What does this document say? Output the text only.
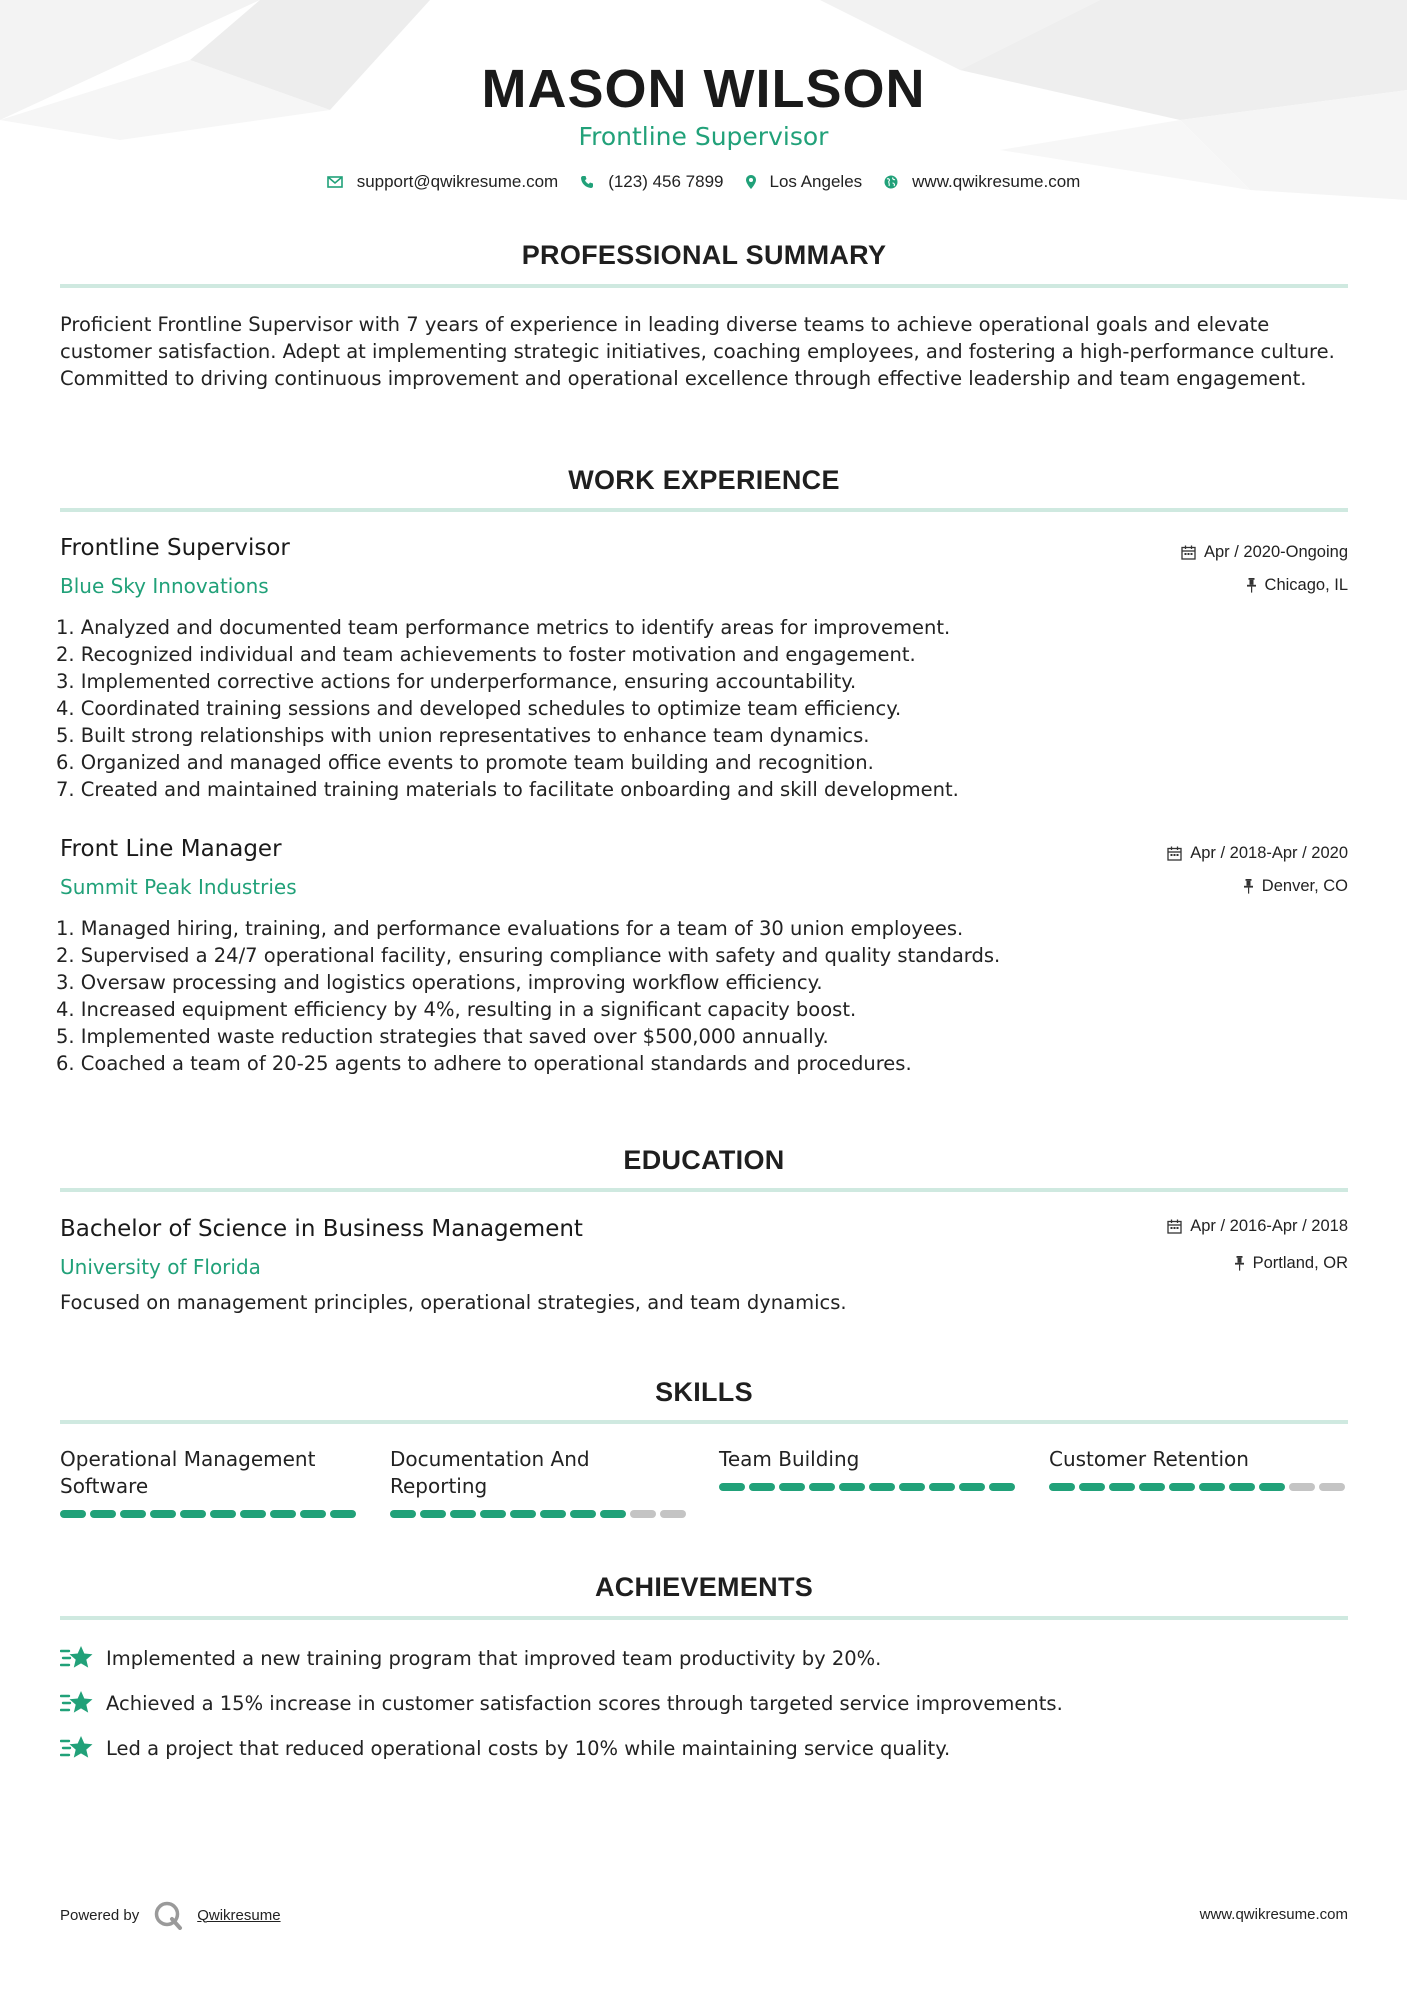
MASON WILSON
Frontline Supervisor
support@qwikresume.com	(123) 456 7899	Los Angeles	www.qwikresume.com
PROFESSIONAL SUMMARY
Proficient Frontline Supervisor with 7 years of experience in leading diverse teams to achieve operational goals and elevate customer satisfaction. Adept at implementing strategic initiatives, coaching employees, and fostering a high-performance culture. Committed to driving continuous improvement and operational excellence through effective leadership and team engagement.
WORK EXPERIENCE
Frontline Supervisor
Blue Sky Innovations
Apr / 2020-Ongoing
Chicago, IL
1. Analyzed and documented team performance metrics to identify areas for improvement.
2. Recognized individual and team achievements to foster motivation and engagement.
3. Implemented corrective actions for underperformance, ensuring accountability.
4. Coordinated training sessions and developed schedules to optimize team efficiency.
5. Built strong relationships with union representatives to enhance team dynamics.
6. Organized and managed office events to promote team building and recognition.
7. Created and maintained training materials to facilitate onboarding and skill development.
Front Line Manager
Summit Peak Industries
Apr / 2018-Apr / 2020
Denver, CO
1. Managed hiring, training, and performance evaluations for a team of 30 union employees.
2. Supervised a 24/7 operational facility, ensuring compliance with safety and quality standards.
3. Oversaw processing and logistics operations, improving workflow efficiency.
4. Increased equipment efficiency by 4%, resulting in a significant capacity boost.
5. Implemented waste reduction strategies that saved over $500,000 annually.
6. Coached a team of 20-25 agents to adhere to operational standards and procedures.
EDUCATION
Bachelor of Science in Business Management
University of Florida
Apr / 2016-Apr / 2018
Portland, OR
Focused on management principles, operational strategies, and team dynamics.
SKILLS
Operational Management
Software
Documentation And
Reporting
Team Building	Customer Retention
ACHIEVEMENTS
Implemented a new training program that improved team productivity by 20%.
Achieved a 15% increase in customer satisfaction scores through targeted service improvements.
Led a project that reduced operational costs by 10% while maintaining service quality.
Powered by	Qwikresume	www.qwikresume.com
